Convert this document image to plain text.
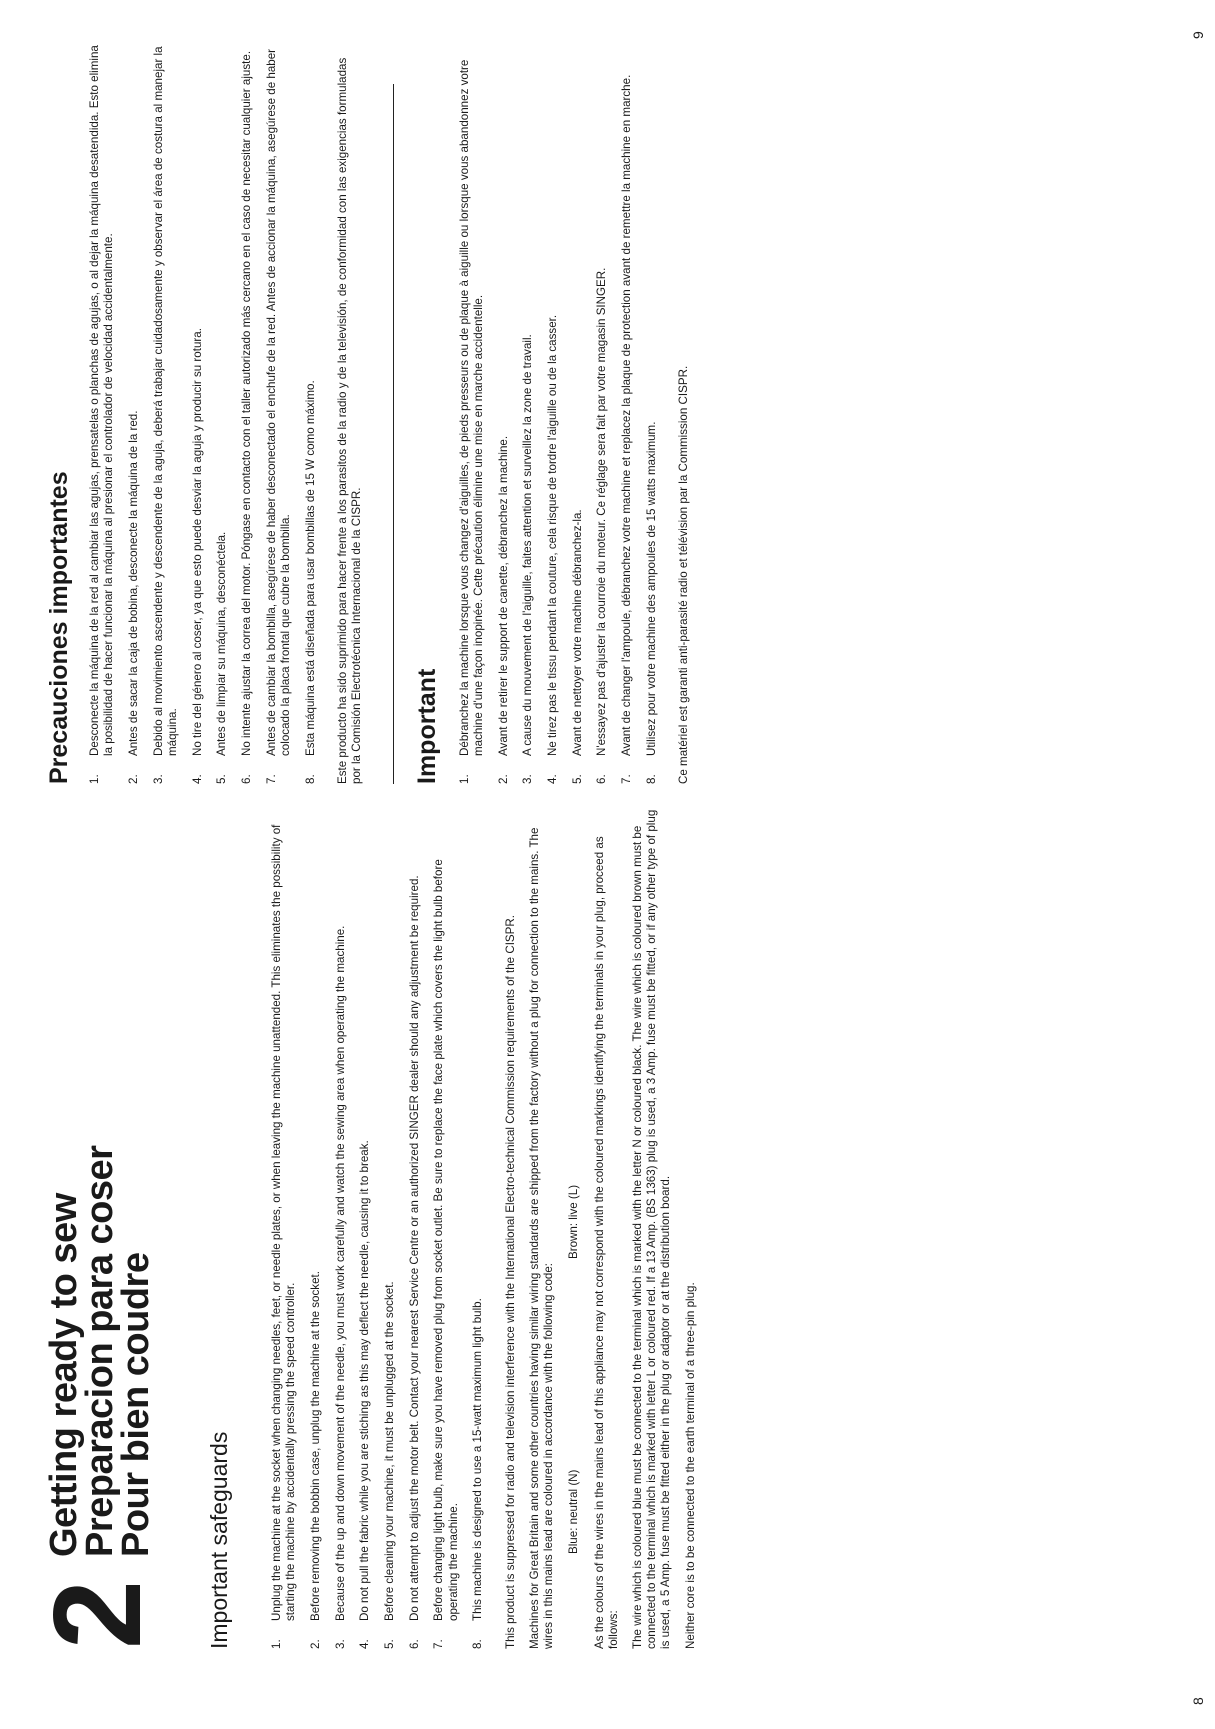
8
9
2
Getting ready to sew
Preparacion para coser
Pour bien coudre Important safeguards	1.
Unplug the machine at the socket when changing needles, feet, or needle plates, or when leaving the machine unattended. This eliminates the possibility of starting the machine by accidentally pressing the speed controller.
2.
Before removing the bobbin case, unplug the machine at the socket.
3.
Because of the up and down movement of the needle, you must work carefully and watch the sewing area when operating the machine.
4.
Do not pull the fabric while you are stiching as this may deflect the needle, causing it to break.
5.
Before cleaning your machine, it must be unplugged at the socket.
6.
Do not attempt to adjust the motor belt. Contact your nearest Service Centre or an authorized SINGER dealer should any adjustment be required.
7.
Before changing light bulb, make sure you have removed plug from socket outlet. Be sure to replace the face plate which covers the light bulb before operating the machine.
8.
This machine is designed to use a 15-watt maximum light bulb. This product is suppressed for radio and television interference with the International Electro-technical Commission requirements of the CISPR. Machines for Great Britain and some other countries having similar wiring standards are shipped from the factory without a plug for connection to the mains. The wires in this mains lead are coloured in accordance with the following code: Blue: neutral (N)
Brown: live (L) As the colours of the wires in the mains lead of this appliance may not correspond with the coloured markings identifying the terminals in your plug, proceed as follows: The wire which is coloured blue must be connected to the terminal which is marked with the letter N or coloured black. The wire which is coloured brown must be connected to the terminal which is marked with letter L or coloured red. If a 13 Amp. (BS 1363) plug is used, a 3 Amp. fuse must be fitted, or if any other type of plug is used, a 5 Amp. fuse must be fitted either in the plug or adaptor or at the distribution board. Neither core is to be connected to the earth terminal of a three-pin plug.

Precauciones importantes 1.
Desconecte la máquina de la red al cambiar las agujas, prensatelas o planchas de agujas, o al dejar la máquina desatendida. Esto elimina la posibilidad de hacer funcionar la máquina al presionar el controlador de velocidad accidentalmente.
2.
Antes de sacar la caja de bobina, desconecte la máquina de la red.
3.
Debido al movimiento ascendente y descendente de la aguja, deberá trabajar cuidadosamente y observar el área de costura al manejar la máquina.
4.
No tire del género al coser, ya que esto puede desviar la aguja y producir su rotura.
5.
Antes de limpiar su máquina, desconéctela.
6.
No intente ajustar la correa del motor. Póngase en contacto con el taller autorizado más cercano en el caso de necesitar cualquier ajuste.
7.
Antes de cambiar la bombilla, asegúrese de haber desconectado el enchufe de la red. Antes de accionar la máquina, asegúrese de haber colocado la placa frontal que cubre la bombilla.
8.
Esta máquina está diseñada para usar bombillas de 15 W como máximo. Este producto ha sido suprimido para hacer frente a los parasitos de la radio y de la televisión, de conformidad con las exigencias formuladas por la Comisión Electrotécnica Internacional de la CISPR. Important 1.
Débranchez la machine lorsque vous changez d'aiguilles, de pieds presseurs ou de plaque à aiguille ou lorsque vous abandonnez votre machine d'une façon inopinée. Cette précaution élimine une mise en marche accidentelle.
2.
Avant de retirer le support de canette, débranchez la machine.
3.
A cause du mouvement de l'aiguille, faites attention et surveillez la zone de travail.
4.
Ne tirez pas le tissu pendant la couture, cela risque de tordre l'aiguille ou de la casser.
5.
Avant de nettoyer votre machine débranchez-la.
6.
N'essayez pas d'ajuster la courroie du moteur. Ce réglage sera fait par votre magasin SINGER.
7.
Avant de changer l'ampoule, débranchez votre machine et replacez la plaque de protection avant de remettre la machine en marche.
8.
Utilisez pour votre machine des ampoules de 15 watts maximum. Ce matériel est garanti anti-parasité radio et télévision par la Commission CISPR.
